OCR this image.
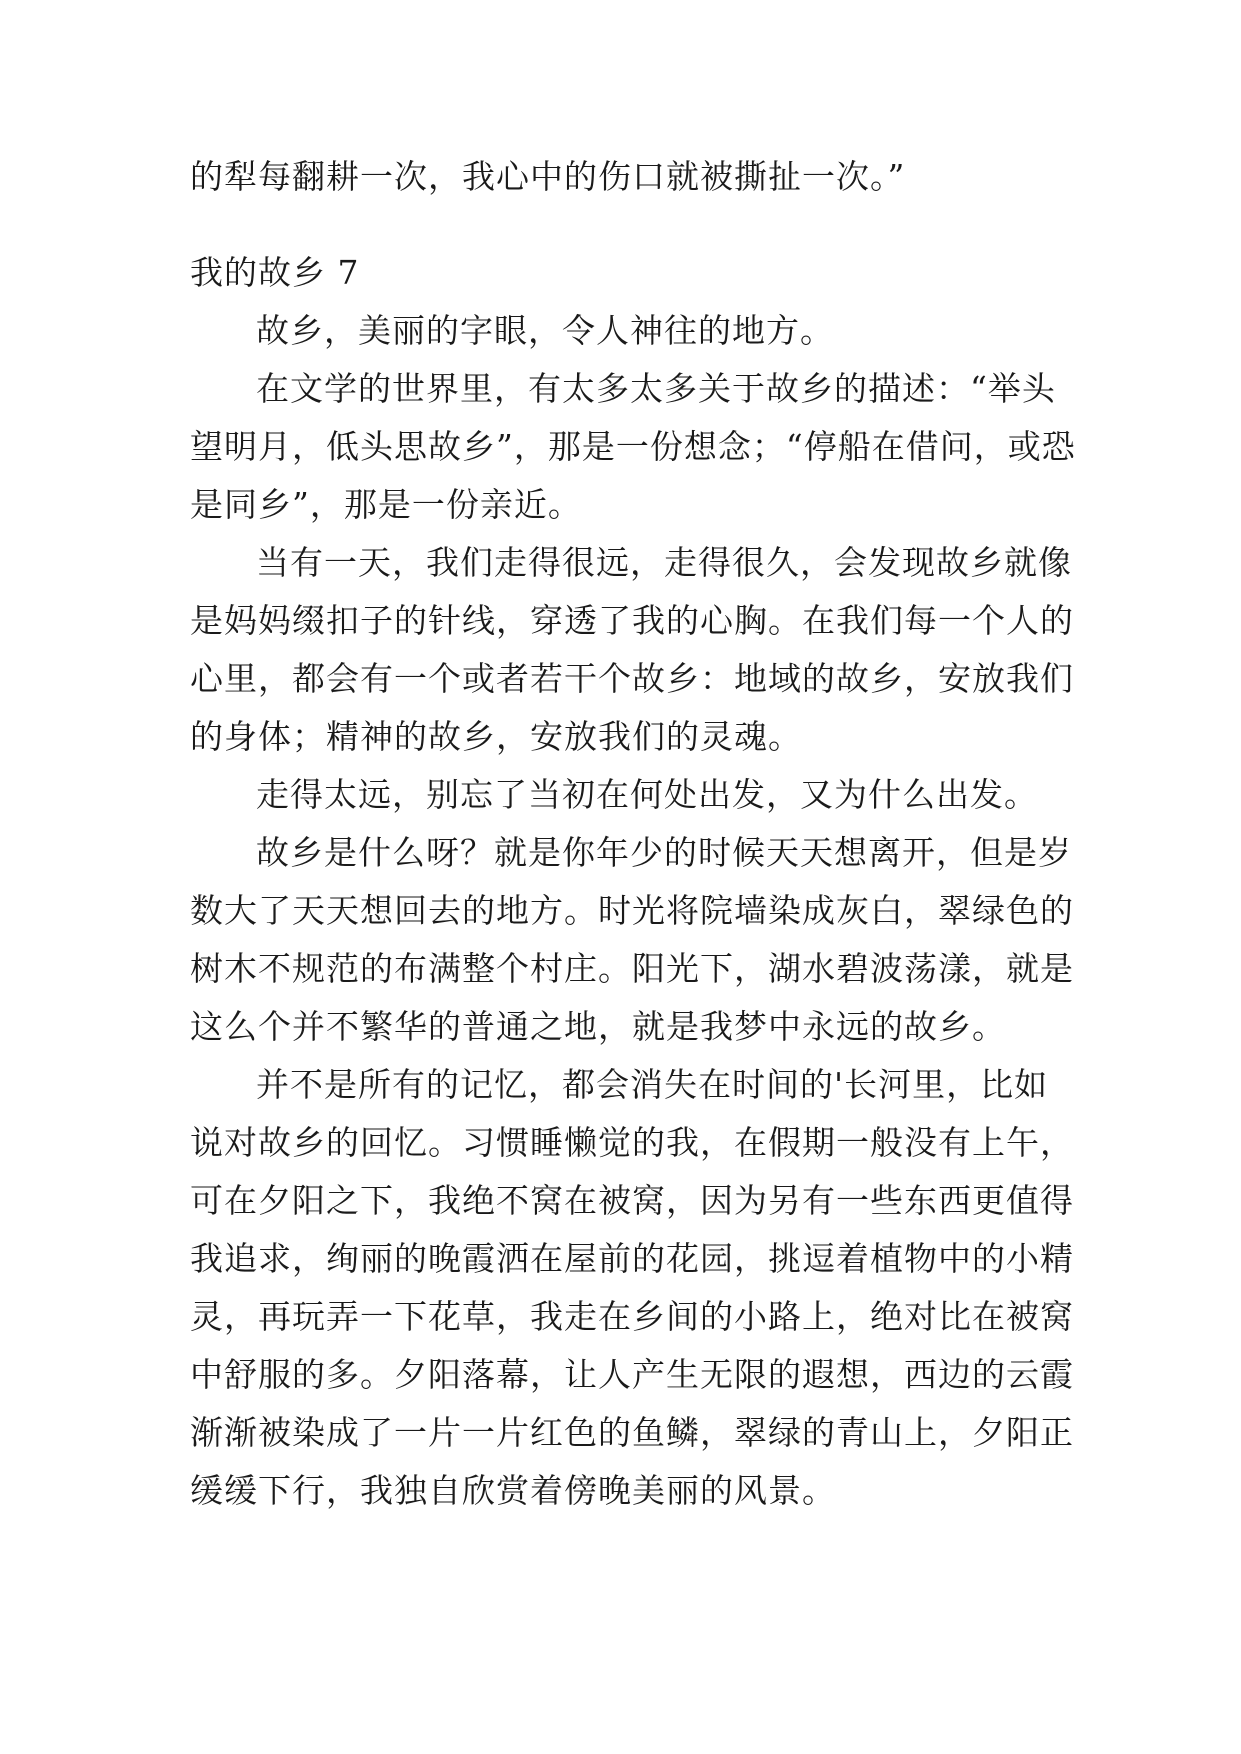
的犁每翻耕一次，我心中的伤口就被撕扯一次。”
我的故乡 7
故乡，美丽的字眼，令人神往的地方。
在文学的世界里，有太多太多关于故乡的描述：“举头
望明月，低头思故乡”，那是一份想念；“停船在借问，或恐
是同乡”，那是一份亲近。
当有一天，我们走得很远，走得很久，会发现故乡就像
是妈妈缀扣子的针线，穿透了我的心胸。在我们每一个人的
心里，都会有一个或者若干个故乡：地域的故乡，安放我们
的身体；精神的故乡，安放我们的灵魂。
走得太远，别忘了当初在何处出发，又为什么出发。
故乡是什么呀？就是你年少的时候天天想离开，但是岁
数大了天天想回去的地方。时光将院墙染成灰白，翠绿色的
树木不规范的布满整个村庄。阳光下，湖水碧波荡漾，就是
这么个并不繁华的普通之地，就是我梦中永远的故乡。
并不是所有的记忆，都会消失在时间的'长河里，比如
说对故乡的回忆。习惯睡懒觉的我，在假期一般没有上午，
可在夕阳之下，我绝不窝在被窝，因为另有一些东西更值得
我追求，绚丽的晚霞洒在屋前的花园，挑逗着植物中的小精
灵，再玩弄一下花草，我走在乡间的小路上，绝对比在被窝
中舒服的多。夕阳落幕，让人产生无限的遐想，西边的云霞
渐渐被染成了一片一片红色的鱼鳞，翠绿的青山上，夕阳正
缓缓下行，我独自欣赏着傍晚美丽的风景。
